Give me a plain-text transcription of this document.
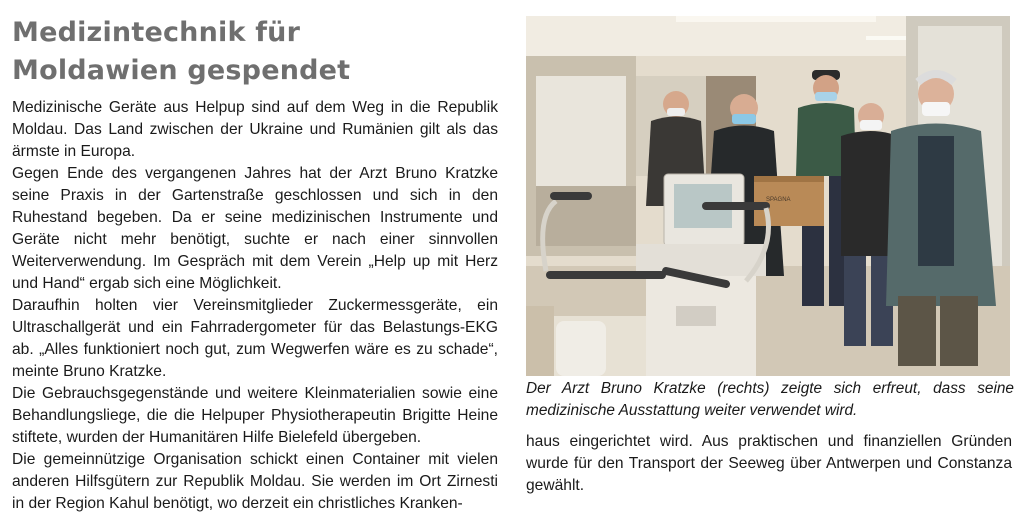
Medizintechnik für
Moldawien gespendet

Medizinische Geräte aus Helpup sind auf dem Weg in die Republik Moldau. Das Land zwischen der Ukraine und Rumänien gilt als das ärmste in Europa.

Gegen Ende des vergangenen Jahres hat der Arzt Bruno Kratzke seine Praxis in der Gartenstraße geschlossen und sich in den Ruhestand begeben. Da er seine medizinischen Instrumente und Geräte nicht mehr benötigt, suchte er nach einer sinnvollen Weiterverwendung. Im Gespräch mit dem Verein „Help up mit Herz und Hand“ ergab sich eine Möglichkeit.

Daraufhin holten vier Vereinsmitglieder Zuckermessgeräte, ein Ultraschallgerät und ein Fahrradergometer für das Belastungs-EKG ab. „Alles funktioniert noch gut, zum Wegwerfen wäre es zu schade“, meinte Bruno Kratzke.

Die Gebrauchsgegenstände und weitere Kleinmaterialien sowie eine Behandlungsliege, die die Helpuper Physiotherapeutin Brigitte Heine stiftete, wurden der Humanitären Hilfe Bielefeld übergeben.

Die gemeinnützige Organisation schickt einen Container mit vielen anderen Hilfsgütern zur Republik Moldau. Sie werden im Ort Zirnesti in der Region Kahul benötigt, wo derzeit ein christliches Kranken-

SPAGNA
Der Arzt Bruno Kratzke (rechts) zeigte sich erfreut, dass seine medizinische Ausstattung weiter verwendet wird.

haus eingerichtet wird. Aus praktischen und finanziellen Gründen wurde für den Transport der Seeweg über Antwerpen und Constanza gewählt.
